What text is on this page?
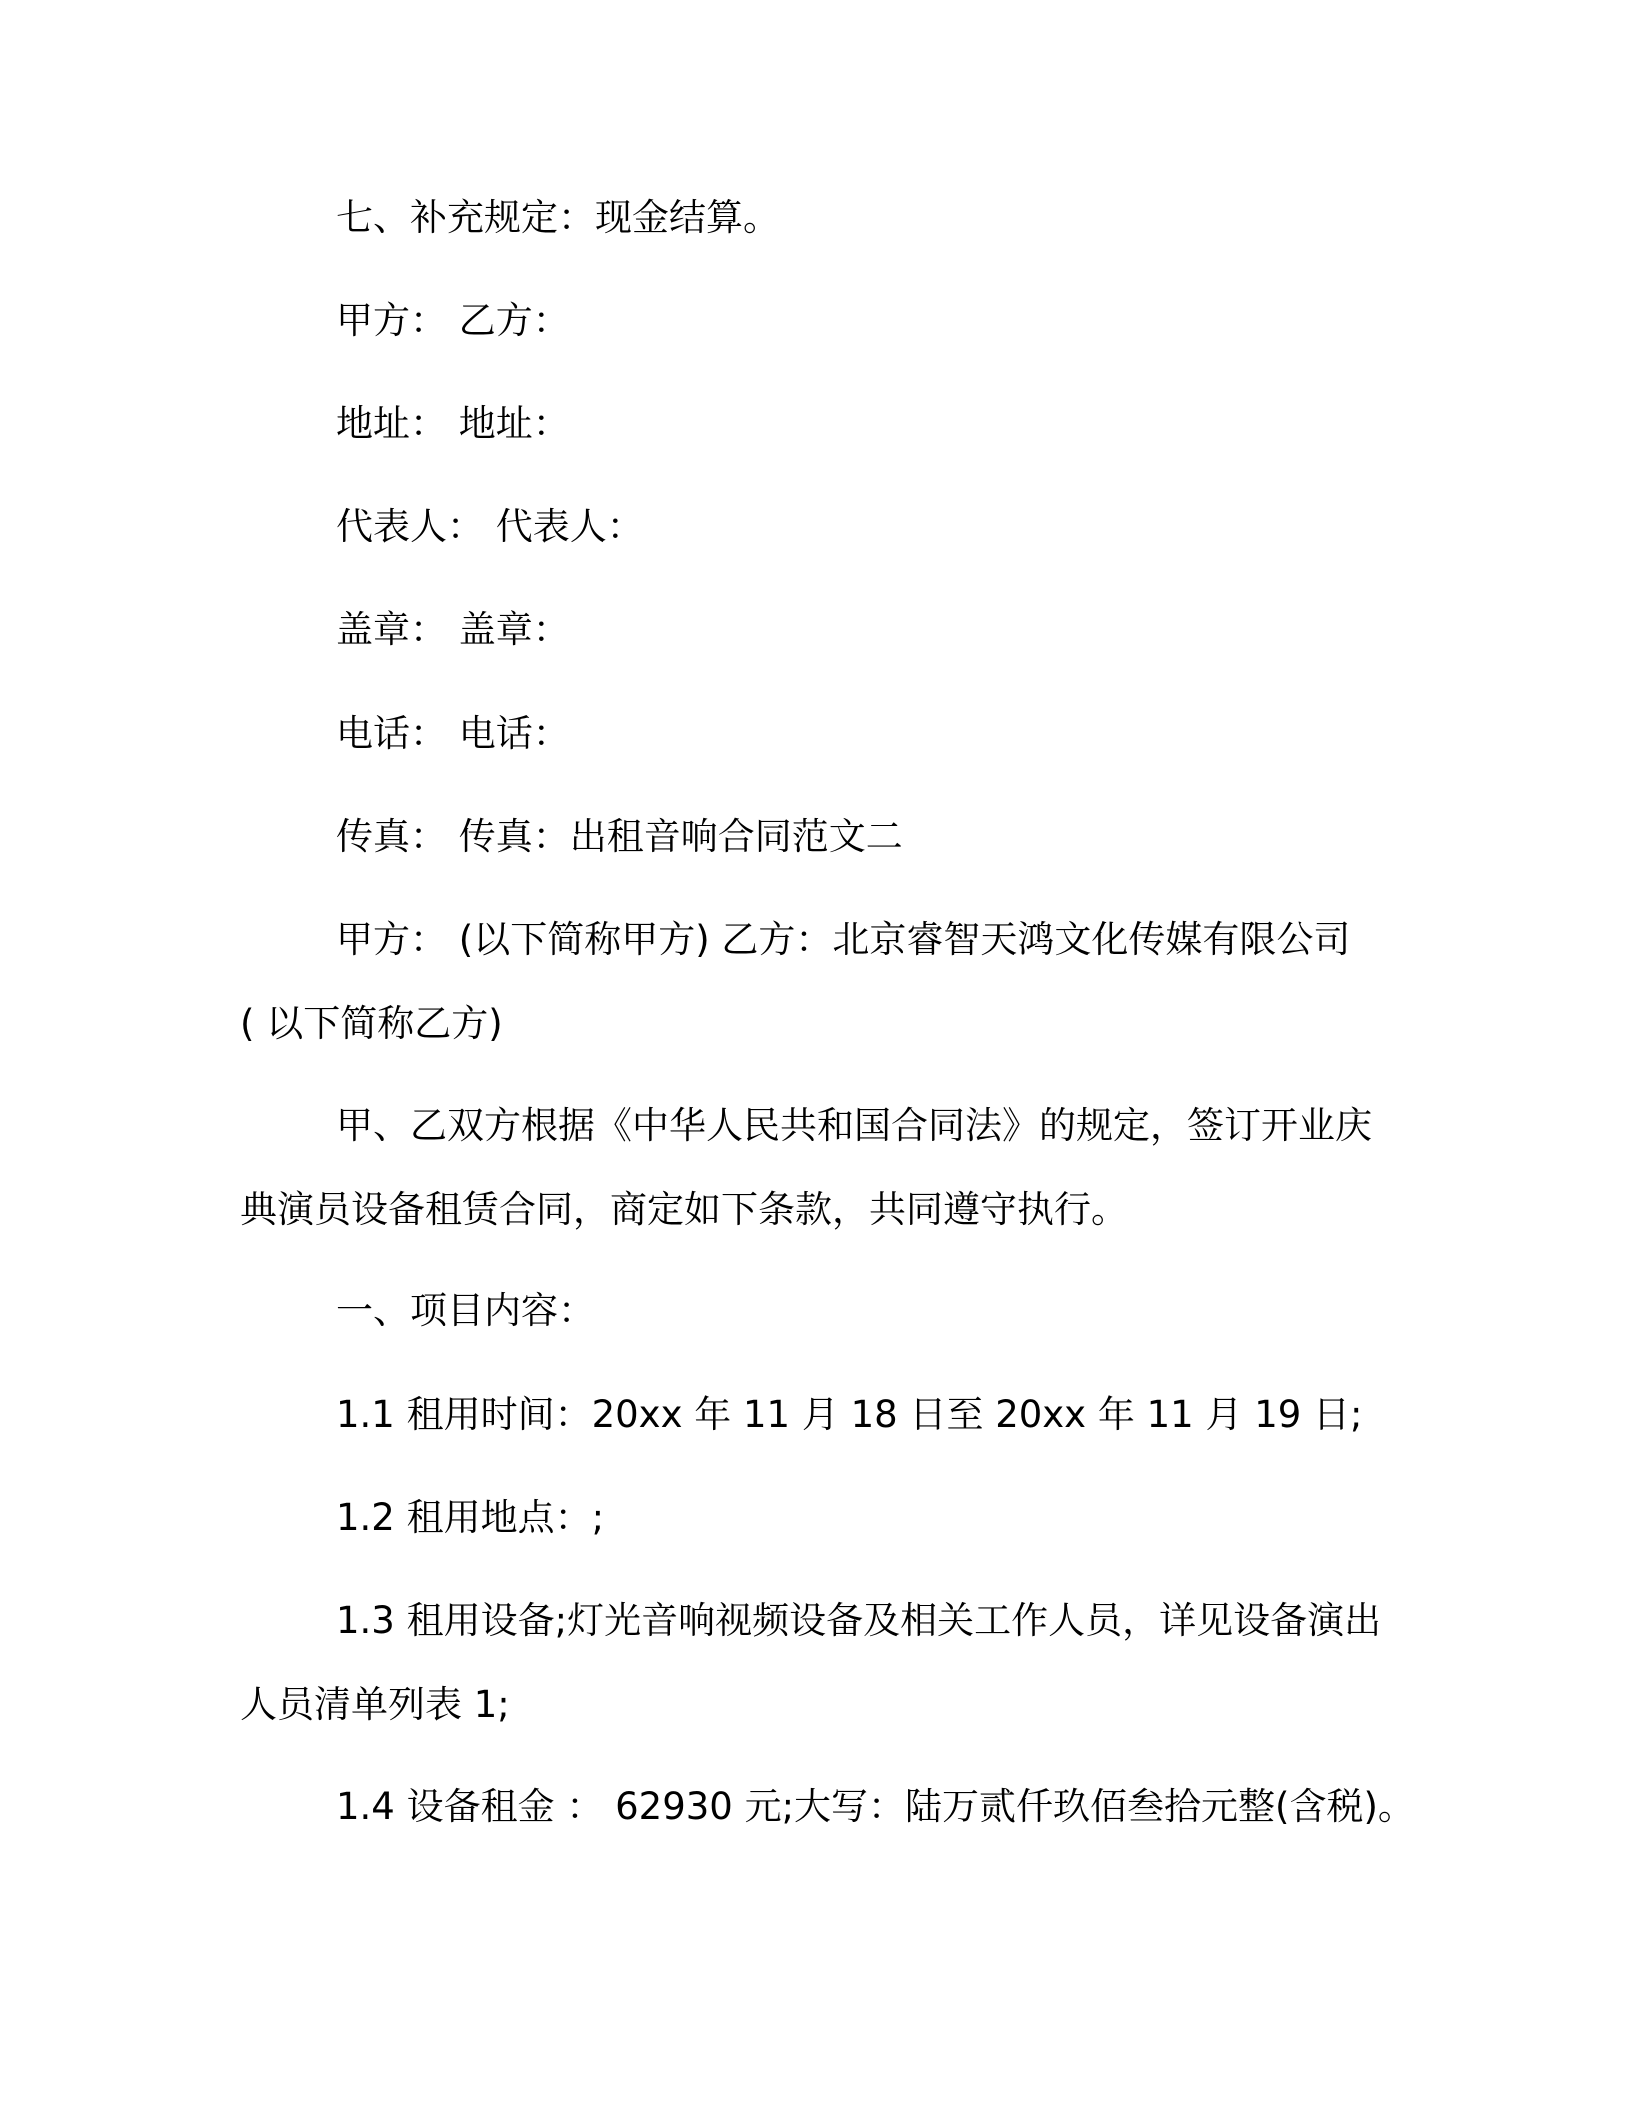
七、补充规定：现金结算。

甲方： 乙方：

地址： 地址：

代表人： 代表人：

盖章： 盖章：

电话： 电话：

传真： 传真：出租音响合同范文二

甲方： (以下简称甲方) 乙方：北京睿智天鸿文化传媒有限公司
( 以下简称乙方)

甲、乙双方根据《中华人民共和国合同法》的规定，签订开业庆
典演员设备租赁合同，商定如下条款，共同遵守执行。

一、项目内容：

1.1 租用时间：20xx 年 11 月 18 日至 20xx 年 11 月 19 日;

1.2 租用地点：;

1.3 租用设备;灯光音响视频设备及相关工作人员，详见设备演出
人员清单列表 1;

1.4 设备租金 ： 62930 元;大写：陆万贰仟玖佰叁拾元整(含税)。
